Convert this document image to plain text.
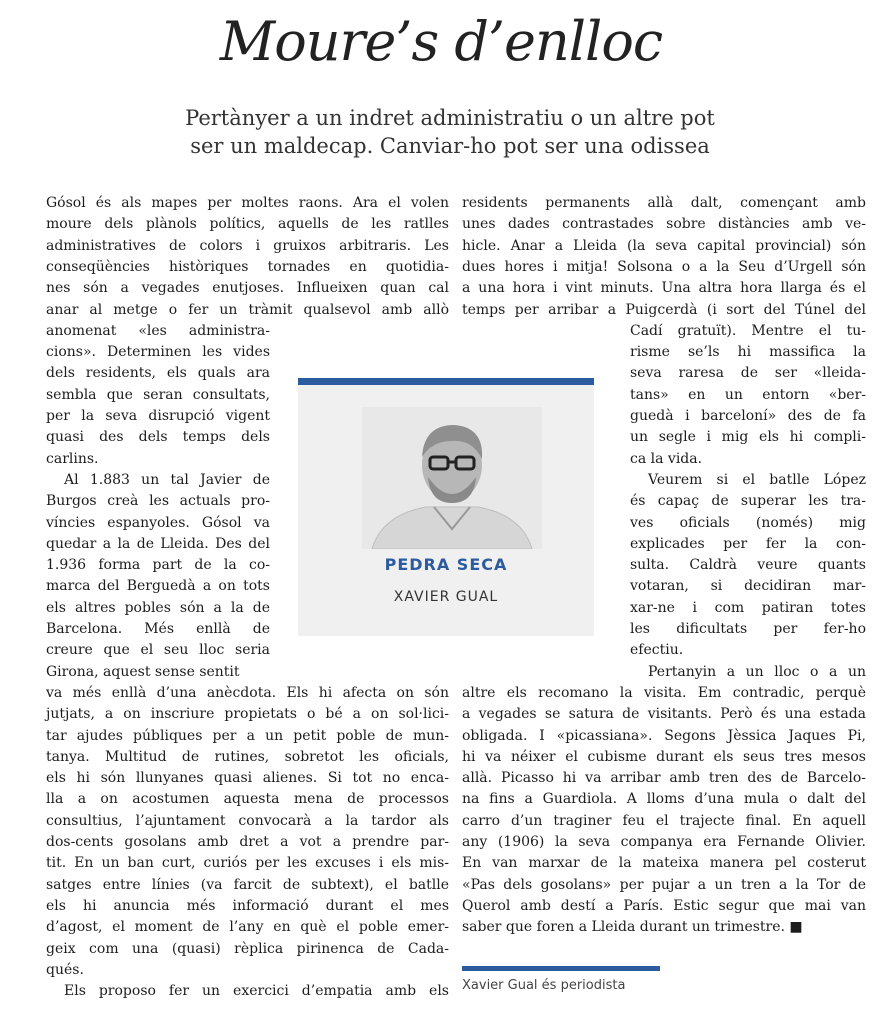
Moure’s d’enlloc

Pertànyer a un indret administratiu o un altre pot
ser un maldecap. Canviar-ho pot ser una odissea

Gósol és als mapes per moltes raons. Ara el volen
moure dels plànols polítics, aquells de les ratlles
administratives de colors i gruixos arbitraris. Les
conseqüències històriques tornades en quotidia-
nes són a vegades enutjoses. Influeixen quan cal
anar al metge o fer un tràmit qualsevol amb allò
anomenat «les administra-
cions». Determinen les vides
dels residents, els quals ara
sembla que seran consultats,
per la seva disrupció vigent
quasi des dels temps dels
carlins.
Al 1.883 un tal Javier de
Burgos creà les actuals pro-
víncies espanyoles. Gósol va
quedar a la de Lleida. Des del
1.936 forma part de la co-
marca del Berguedà a on tots
els altres pobles són a la de
Barcelona. Més enllà de
creure que el seu lloc seria
Girona, aquest sense sentit
va més enllà d’una anècdota. Els hi afecta on són
jutjats, a on inscriure propietats o bé a on sol·lici-
tar ajudes públiques per a un petit poble de mun-
tanya. Multitud de rutines, sobretot les oficials,
els hi són llunyanes quasi alienes. Si tot no enca-
lla a on acostumen aquesta mena de processos
consultius, l’ajuntament convocarà a la tardor als
dos-cents gosolans amb dret a vot a prendre par-
tit. En un ban curt, curiós per les excuses i els mis-
satges entre línies (va farcit de subtext), el batlle
els hi anuncia més informació durant el mes
d’agost, el moment de l’any en què el poble emer-
geix com una (quasi) rèplica pirinenca de Cada-
qués.
Els proposo fer un exercici d’empatia amb els
residents permanents allà dalt, començant amb
unes dades contrastades sobre distàncies amb ve-
hicle. Anar a Lleida (la seva capital provincial) són
dues hores i mitja! Solsona o a la Seu d’Urgell són
a una hora i vint minuts. Una altra hora llarga és el
temps per arribar a Puigcerdà (i sort del Túnel del
Cadí gratuït). Mentre el tu-
risme se’ls hi massifica la
seva raresa de ser «lleida-
tans» en un entorn «ber-
guedà i barceloní» des de fa
un segle i mig els hi compli-
ca la vida.
Veurem si el batlle López
és capaç de superar les tra-
ves oficials (només) mig
explicades per fer la con-
sulta. Caldrà veure quants
votaran, si decidiran mar-
xar-ne i com patiran totes
les dificultats per fer-ho
efectiu.
Pertanyin a un lloc o a un
altre els recomano la visita. Em contradic, perquè
a vegades se satura de visitants. Però és una estada
obligada. I «picassiana». Segons Jèssica Jaques Pi,
hi va néixer el cubisme durant els seus tres mesos
allà. Picasso hi va arribar amb tren des de Barcelo-
na fins a Guardiola. A lloms d’una mula o dalt del
carro d’un traginer feu el trajecte final. En aquell
any (1906) la seva companya era Fernande Olivier.
En van marxar de la mateixa manera pel costerut
«Pas dels gosolans» per pujar a un tren a la Tor de
Querol amb destí a París. Estic segur que mai van
saber que foren a Lleida durant un trimestre. ■
PEDRA SECA
XAVIER GUAL
Xavier Gual és periodista
